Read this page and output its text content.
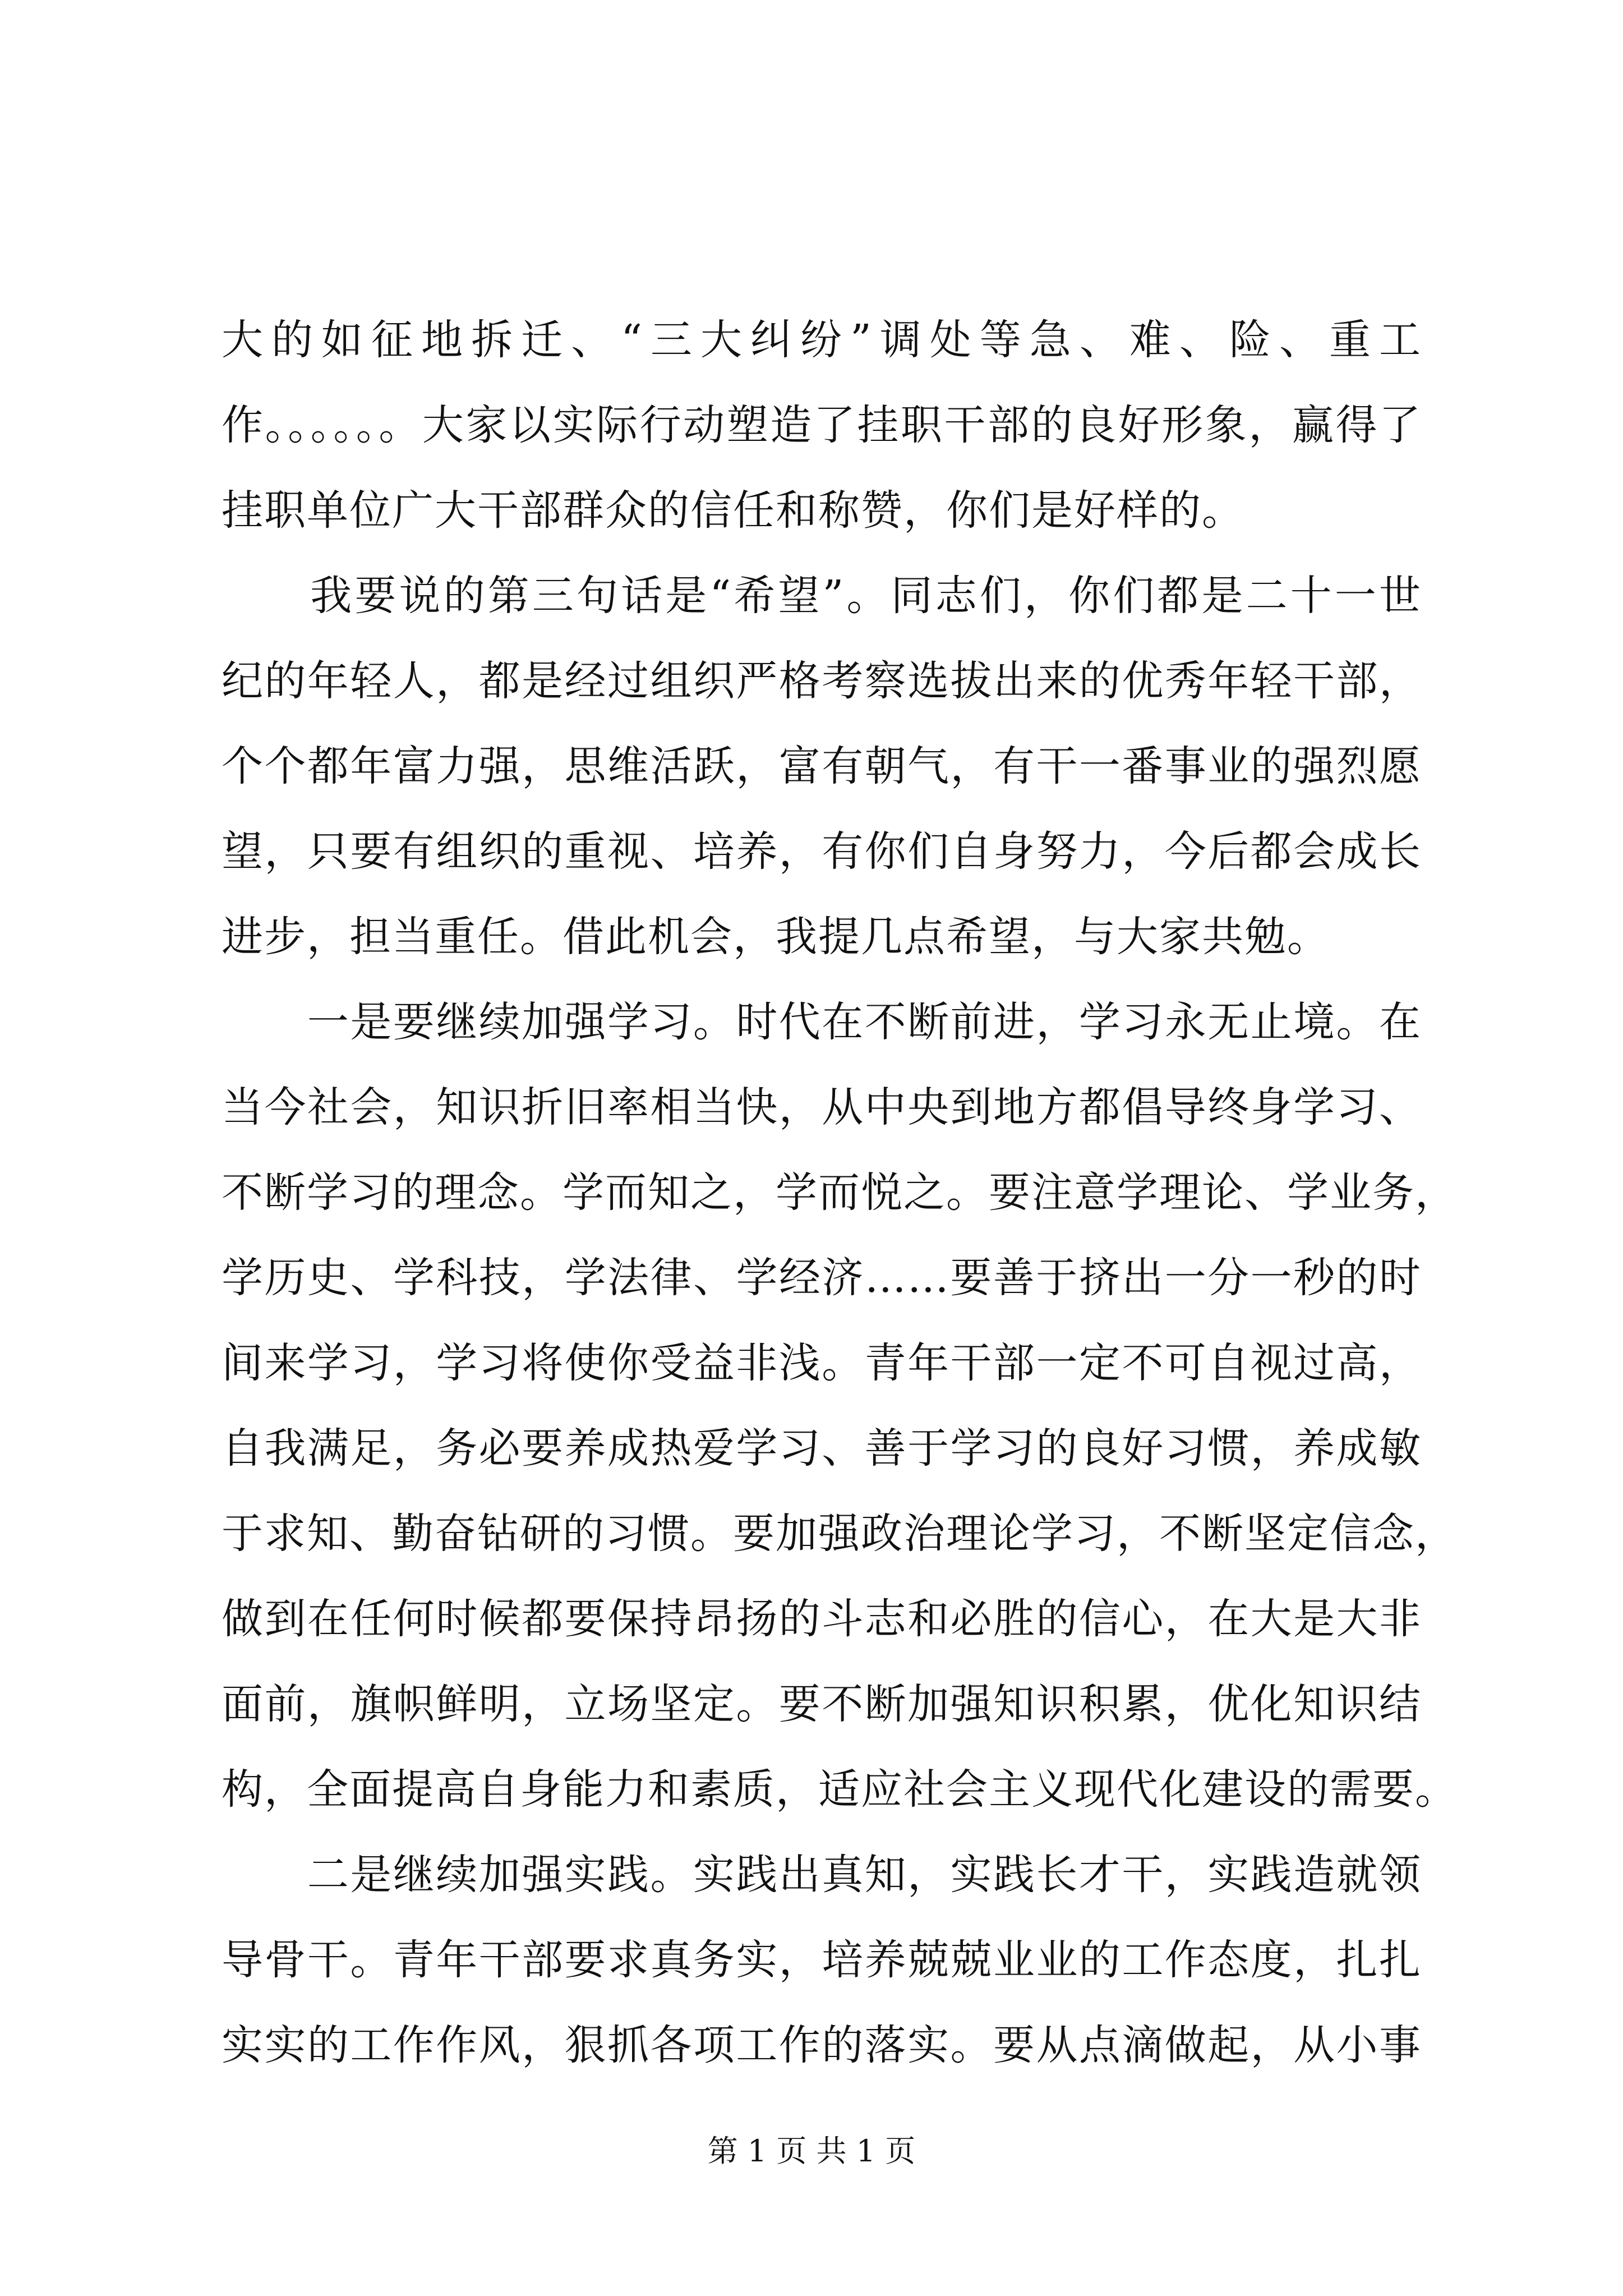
大的如征地拆迁、“三大纠纷”调处等急、难、险、重工
作。。。。。。大家以实际行动塑造了挂职干部的良好形象，赢得了
挂职单位广大干部群众的信任和称赞，你们是好样的。
　　我要说的第三句话是“希望”。同志们，你们都是二十一世
纪的年轻人，都是经过组织严格考察选拔出来的优秀年轻干部，
个个都年富力强，思维活跃，富有朝气，有干一番事业的强烈愿
望，只要有组织的重视、培养，有你们自身努力，今后都会成长
进步，担当重任。借此机会，我提几点希望，与大家共勉。
　　一是要继续加强学习。时代在不断前进，学习永无止境。在
当今社会，知识折旧率相当快，从中央到地方都倡导终身学习、
不断学习的理念。学而知之，学而悦之。要注意学理论、学业务，
学历史、学科技，学法律、学经济……要善于挤出一分一秒的时
间来学习，学习将使你受益非浅。青年干部一定不可自视过高，
自我满足，务必要养成热爱学习、善于学习的良好习惯，养成敏
于求知、勤奋钻研的习惯。要加强政治理论学习，不断坚定信念，
做到在任何时候都要保持昂扬的斗志和必胜的信心，在大是大非
面前，旗帜鲜明，立场坚定。要不断加强知识积累，优化知识结
构，全面提高自身能力和素质，适应社会主义现代化建设的需要。
　　二是继续加强实践。实践出真知，实践长才干，实践造就领
导骨干。青年干部要求真务实，培养兢兢业业的工作态度，扎扎
实实的工作作风，狠抓各项工作的落实。要从点滴做起，从小事
第 1 页 共 1 页
